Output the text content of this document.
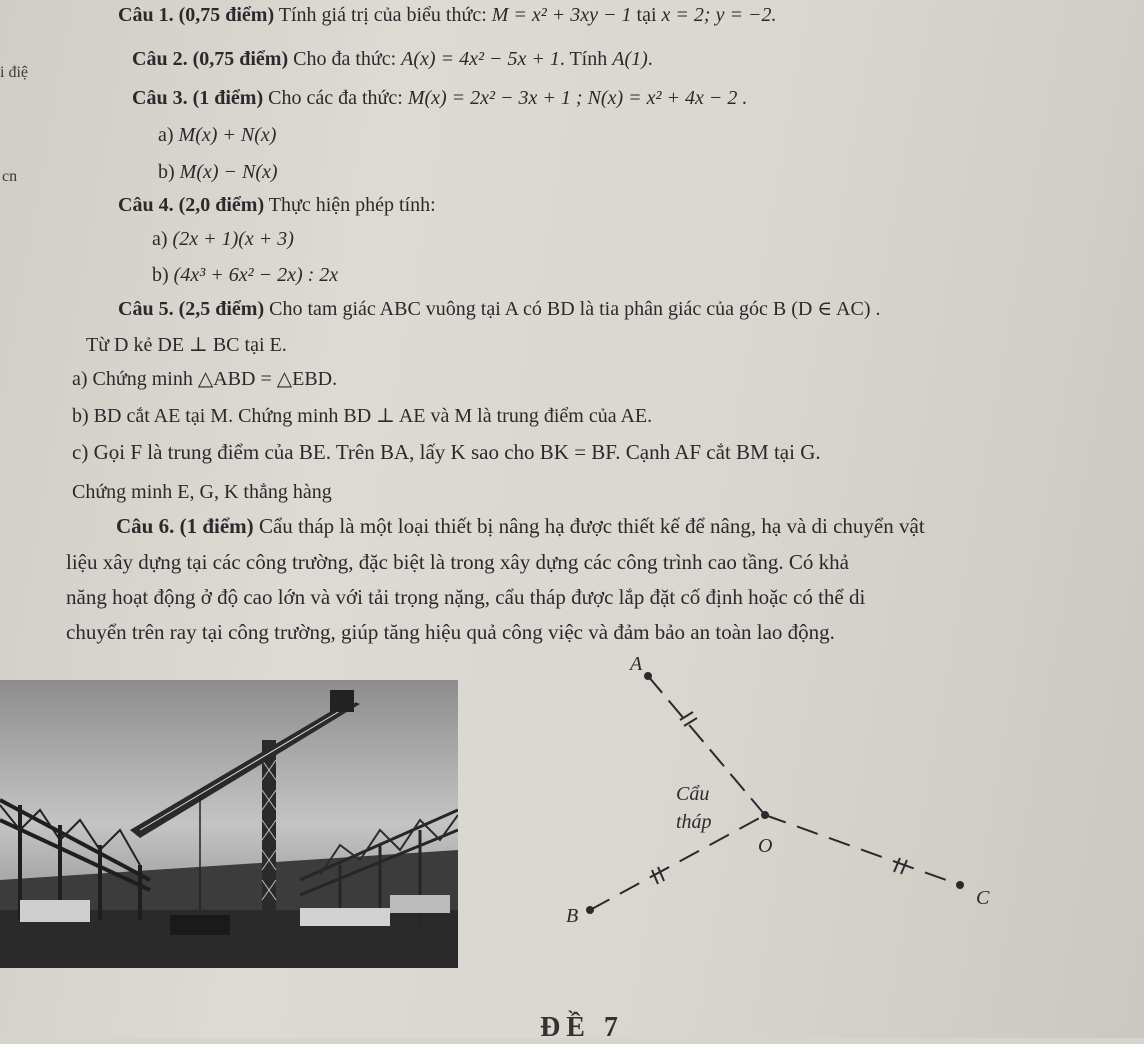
i điệ
cn
Câu 1. (0,75 điểm) Tính giá trị của biểu thức: M = x² + 3xy − 1 tại x = 2; y = −2.
Câu 2. (0,75 điểm) Cho đa thức: A(x) = 4x² − 5x + 1. Tính A(1).
Câu 3. (1 điểm) Cho các đa thức: M(x) = 2x² − 3x + 1 ; N(x) = x² + 4x − 2 .
a) M(x) + N(x)
b) M(x) − N(x)
Câu 4. (2,0 điểm) Thực hiện phép tính:
a) (2x + 1)(x + 3)
b) (4x³ + 6x² − 2x) : 2x
Câu 5. (2,5 điểm) Cho tam giác ABC vuông tại A có BD là tia phân giác của góc B (D ∈ AC) .
Từ D kẻ DE ⊥ BC tại E.
a) Chứng minh △ABD = △EBD.
b) BD cắt AE tại M. Chứng minh BD ⊥ AE và M là trung điểm của AE.
c) Gọi F là trung điểm của BE. Trên BA, lấy K sao cho BK = BF. Cạnh AF cắt BM tại G.
Chứng minh E, G, K thẳng hàng
Câu 6. (1 điểm) Cẩu tháp là một loại thiết bị nâng hạ được thiết kế để nâng, hạ và di chuyển vật
liệu xây dựng tại các công trường, đặc biệt là trong xây dựng các công trình cao tầng. Có khả
năng hoạt động ở độ cao lớn và với tải trọng nặng, cẩu tháp được lắp đặt cố định hoặc có thể di
chuyển trên ray tại công trường, giúp tăng hiệu quả công việc và đảm bảo an toàn lao động.
A
O
B
C
Cẩu
tháp
ĐỀ 7
